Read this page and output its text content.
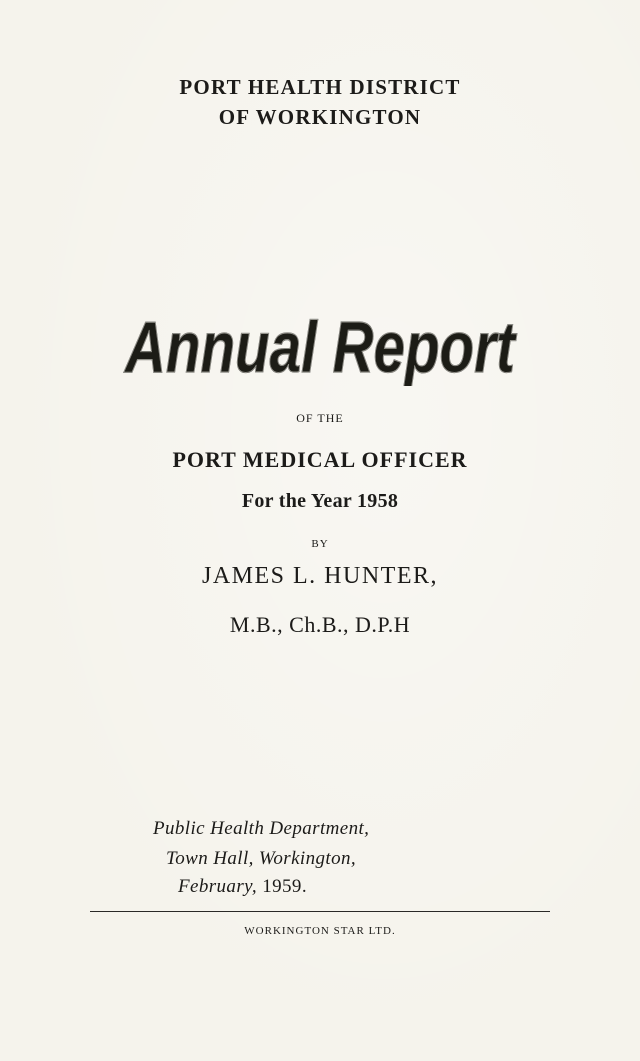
PORT HEALTH DISTRICT
OF WORKINGTON
Annual Report
Annual Report
OF THE
PORT MEDICAL OFFICER
For the Year 1958
BY
JAMES L. HUNTER,
M.B., Ch.B., D.P.H
Public Health Department,
Town Hall, Workington,
February, 1959.
WORKINGTON STAR LTD.
